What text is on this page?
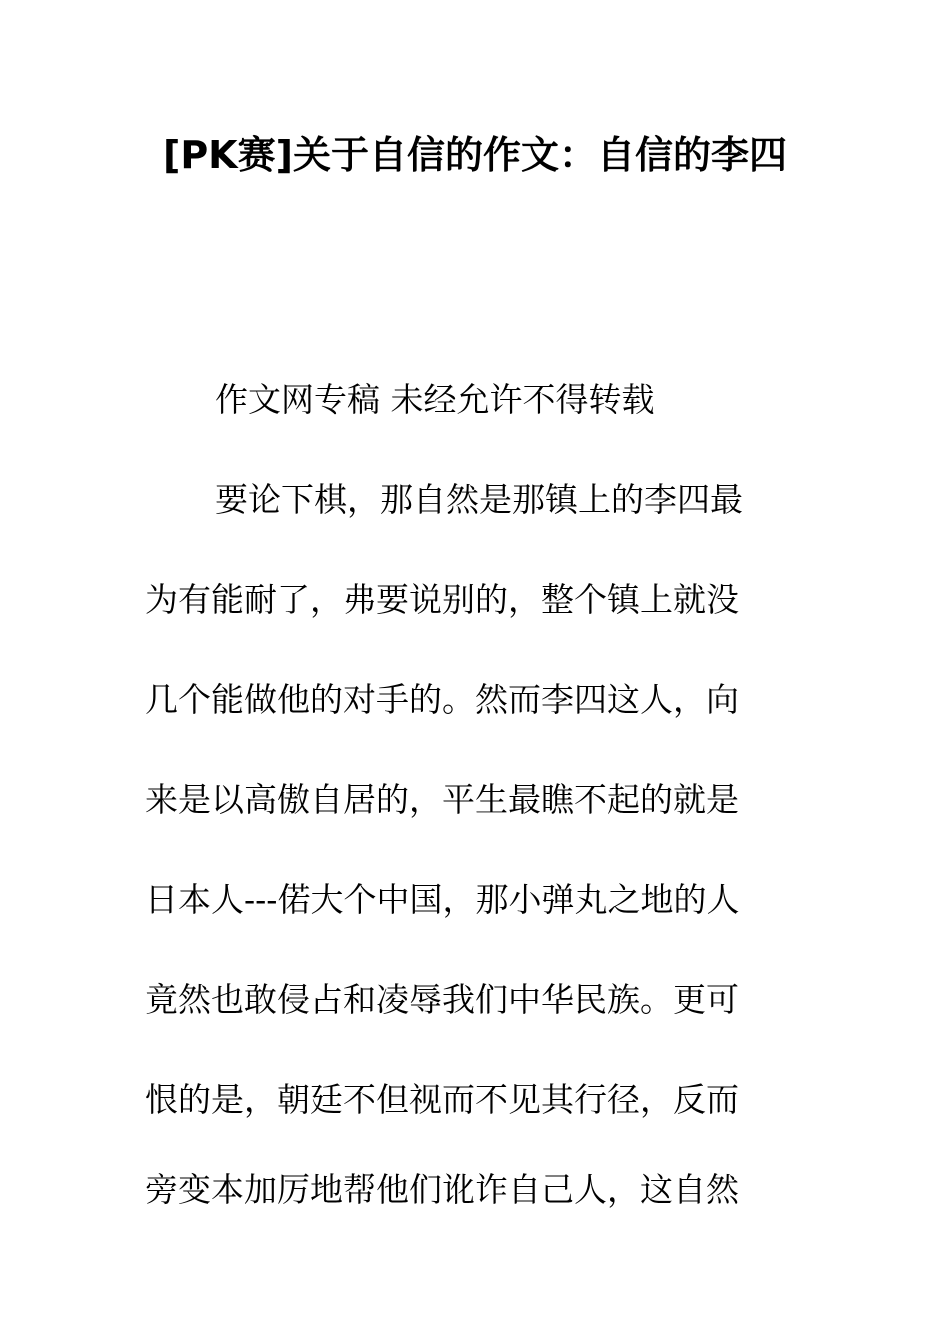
[PK赛]关于自信的作文：自信的李四

作文网专稿 未经允许不得转载

要论下棋，那自然是那镇上的李四最

为有能耐了，弗要说别的，整个镇上就没

几个能做他的对手的。然而李四这人，向

来是以高傲自居的，平生最瞧不起的就是

日本人---偌大个中国，那小弹丸之地的人

竟然也敢侵占和凌辱我们中华民族。更可

恨的是，朝廷不但视而不见其行径，反而

旁变本加厉地帮他们讹诈自己人，这自然
